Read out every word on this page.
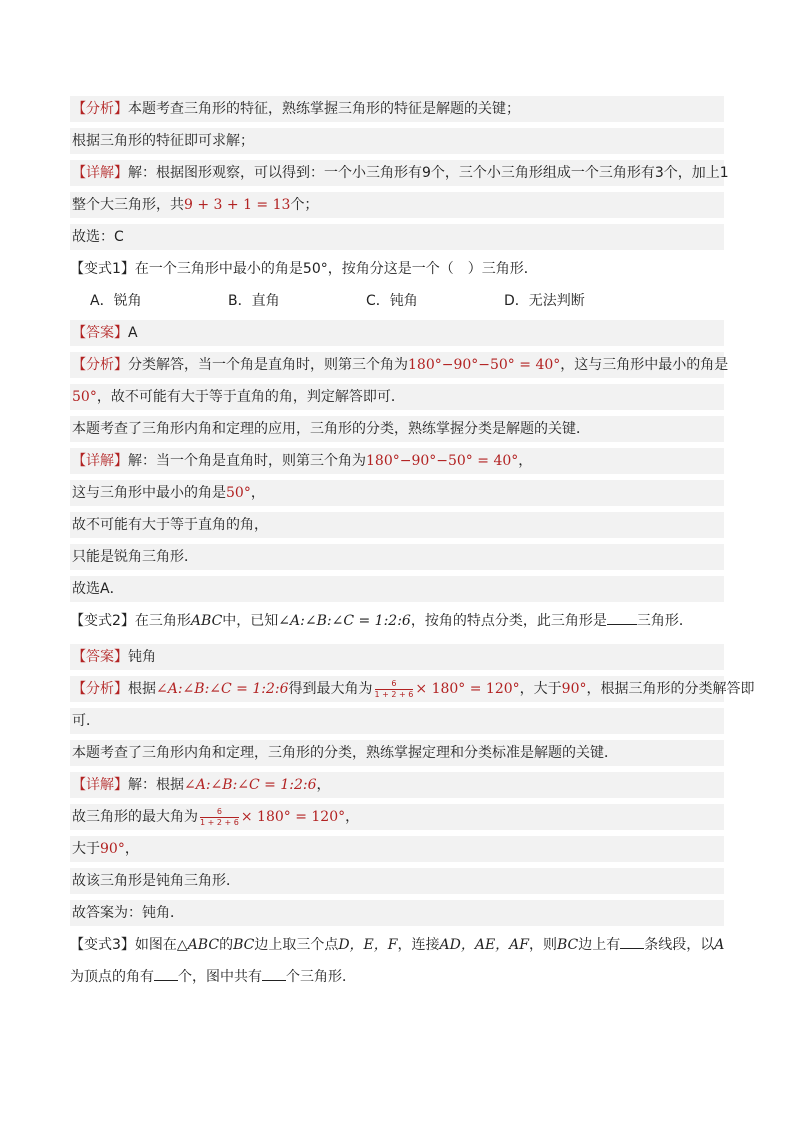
【分析】本题考查三角形的特征，熟练掌握三角形的特征是解题的关键；
根据三角形的特征即可求解；
【详解】解：根据图形观察，可以得到：一个小三角形有9个，三个小三角形组成一个三角形有3个，加上1
整个大三角形，共9 + 3 + 1 = 13个；
故选：C
【变式1】在一个三角形中最小的角是50°，按角分这是一个（　）三角形．
A．锐角	B．直角	C．钝角	D．无法判断
【答案】A
【分析】分类解答，当一个角是直角时，则第三个角为180°−90°−50° = 40°，这与三角形中最小的角是
50°，故不可能有大于等于直角的角，判定解答即可．
本题考查了三角形内角和定理的应用，三角形的分类，熟练掌握分类是解题的关键．
【详解】解：当一个角是直角时，则第三个角为180°−90°−50° = 40°，
这与三角形中最小的角是50°，
故不可能有大于等于直角的角，
只能是锐角三角形．
故选A．
【变式2】在三角形ABC中，已知∠A:∠B:∠C = 1:2:6，按角的特点分类，此三角形是 三角形．
【答案】钝角
【分析】根据∠A:∠B:∠C = 1:2:6得到最大角为 $\frac{6}{1 + 2 + 6} \times 180^\circ = 120^\circ$，大于90°，根据三角形的分类解答即
可．
本题考查了三角形内角和定理，三角形的分类，熟练掌握定理和分类标准是解题的关键．
【详解】解：根据∠A:∠B:∠C = 1:2:6，
故三角形的最大角为 $\frac{6}{1 + 2 + 6} \times 180^\circ = 120^\circ$，
大于90°，
故该三角形是钝角三角形．
故答案为：钝角．
【变式3】如图在△ABC的BC边上取三个点D，E，F，连接AD，AE，AF，则BC边上有 条线段，以A
为顶点的角有 个，图中共有 个三角形．
